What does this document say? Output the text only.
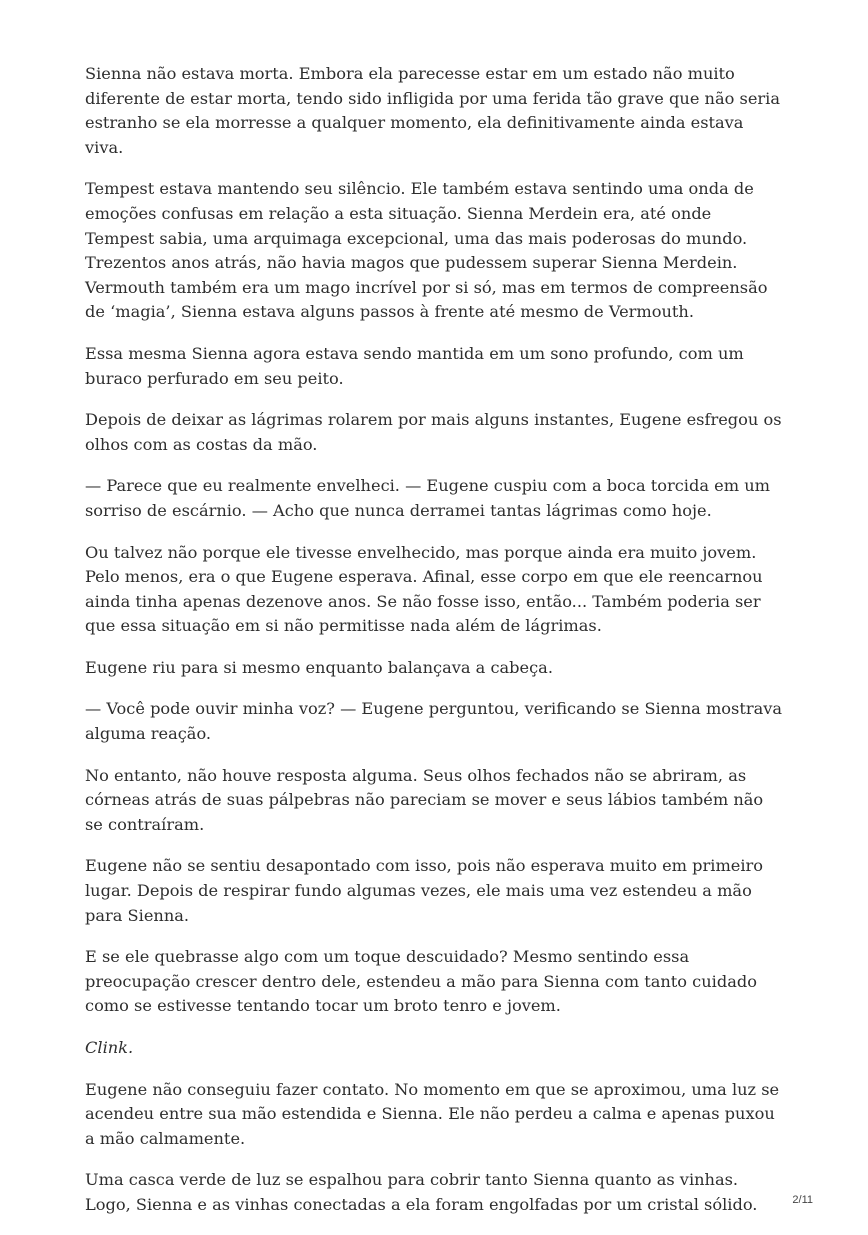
Sienna não estava morta. Embora ela parecesse estar em um estado não muito diferente de estar morta, tendo sido infligida por uma ferida tão grave que não seria estranho se ela morresse a qualquer momento, ela definitivamente ainda estava viva.

Tempest estava mantendo seu silêncio. Ele também estava sentindo uma onda de emoções confusas em relação a esta situação. Sienna Merdein era, até onde Tempest sabia, uma arquimaga excepcional, uma das mais poderosas do mundo. Trezentos anos atrás, não havia magos que pudessem superar Sienna Merdein. Vermouth também era um mago incrível por si só, mas em termos de compreensão de ‘magia’, Sienna estava alguns passos à frente até mesmo de Vermouth.

Essa mesma Sienna agora estava sendo mantida em um sono profundo, com um buraco perfurado em seu peito.

Depois de deixar as lágrimas rolarem por mais alguns instantes, Eugene esfregou os olhos com as costas da mão.

— Parece que eu realmente envelheci. — Eugene cuspiu com a boca torcida em um sorriso de escárnio. — Acho que nunca derramei tantas lágrimas como hoje.

Ou talvez não porque ele tivesse envelhecido, mas porque ainda era muito jovem. Pelo menos, era o que Eugene esperava. Afinal, esse corpo em que ele reencarnou ainda tinha apenas dezenove anos. Se não fosse isso, então... Também poderia ser que essa situação em si não permitisse nada além de lágrimas.

Eugene riu para si mesmo enquanto balançava a cabeça.

— Você pode ouvir minha voz? — Eugene perguntou, verificando se Sienna mostrava alguma reação.

No entanto, não houve resposta alguma. Seus olhos fechados não se abriram, as córneas atrás de suas pálpebras não pareciam se mover e seus lábios também não se contraíram.

Eugene não se sentiu desapontado com isso, pois não esperava muito em primeiro lugar. Depois de respirar fundo algumas vezes, ele mais uma vez estendeu a mão para Sienna.

E se ele quebrasse algo com um toque descuidado? Mesmo sentindo essa preocupação crescer dentro dele, estendeu a mão para Sienna com tanto cuidado como se estivesse tentando tocar um broto tenro e jovem.

Clink.

Eugene não conseguiu fazer contato. No momento em que se aproximou, uma luz se acendeu entre sua mão estendida e Sienna. Ele não perdeu a calma e apenas puxou a mão calmamente.

Uma casca verde de luz se espalhou para cobrir tanto Sienna quanto as vinhas. Logo, Sienna e as vinhas conectadas a ela foram engolfadas por um cristal sólido.	2/11
